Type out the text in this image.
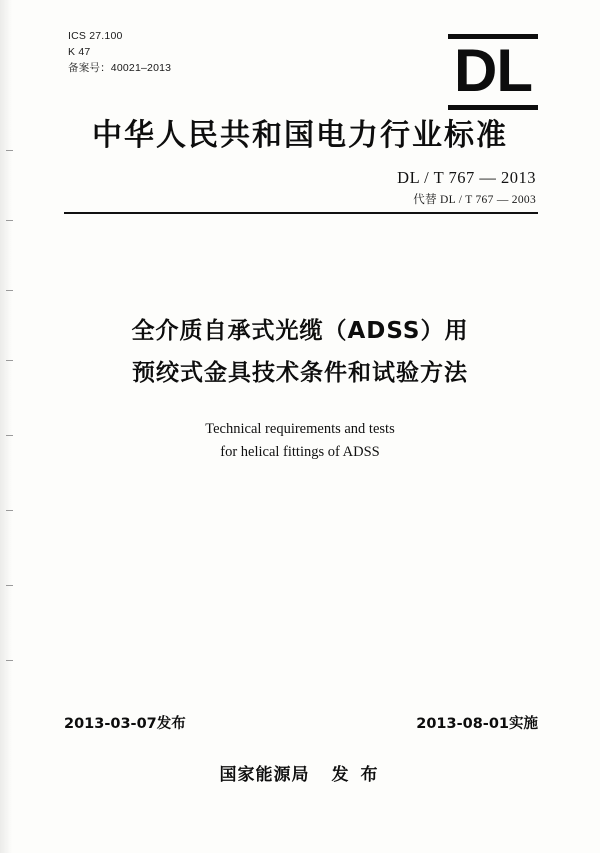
ICS 27.100
K 47
备案号：40021–2013	DL
中华人民共和国电力行业标准
DL / T 767 — 2013
代替 DL / T 767 — 2003
全介质自承式光缆（ADSS）用
预绞式金具技术条件和试验方法
Technical requirements and tests
for helical fittings of ADSS
2013-03-07发布	2013-08-01实施
国家能源局 发 布
